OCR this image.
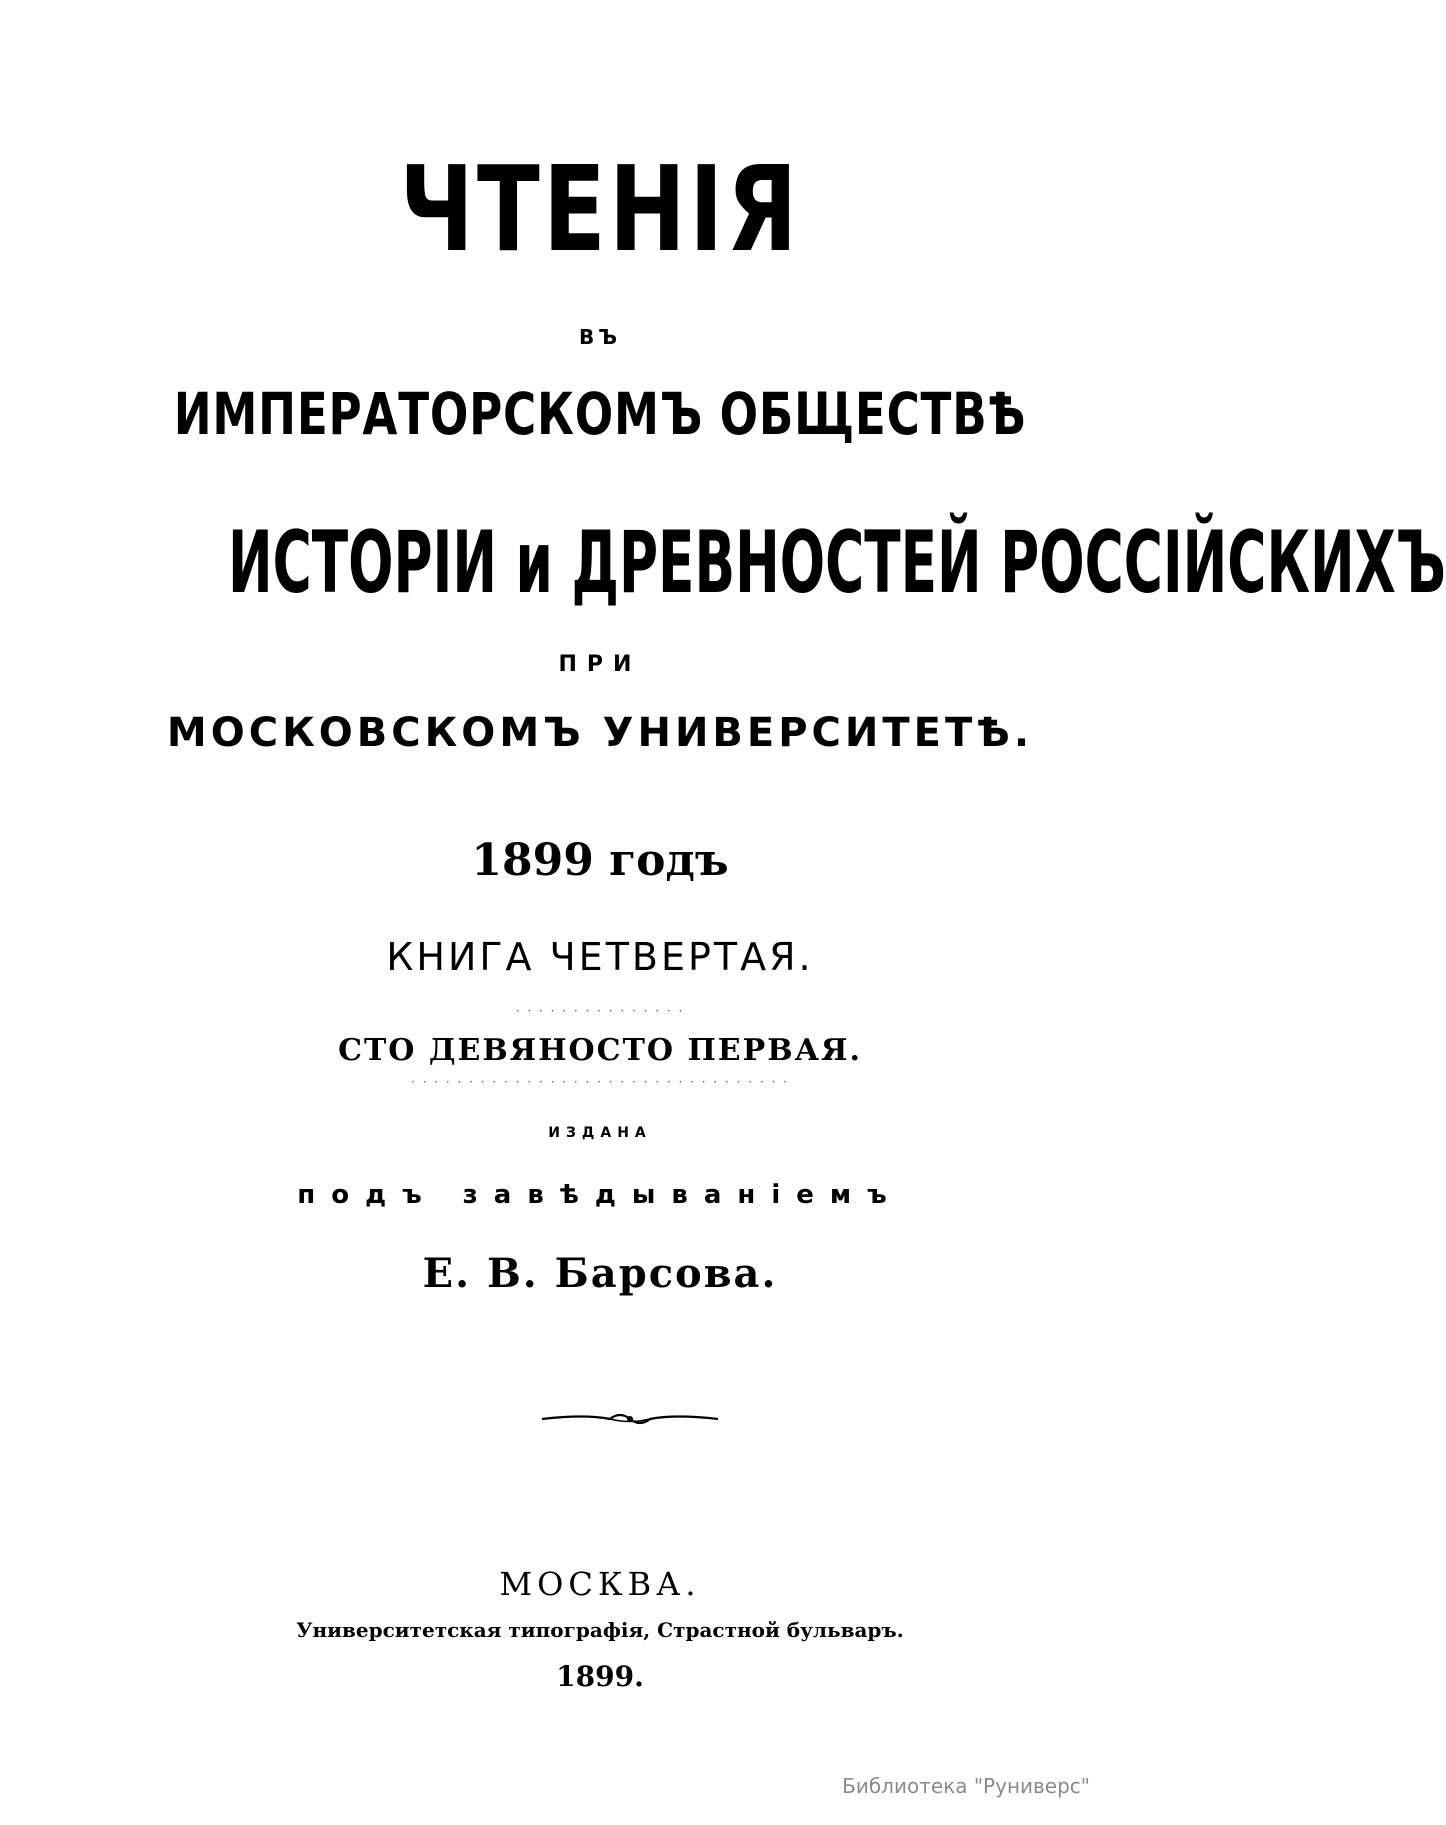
ЧТЕНІЯ
ВЪ
ИМПЕРАТОРСКОМЪ ОБЩЕСТВѢ
ИСТОРІИ и ДРЕВНОСТЕЙ РОССІЙСКИХЪ
ПРИ
МОСКОВСКОМЪ УНИВЕРСИТЕТѢ.
1899 годъ
КНИГА ЧЕТВЕРТАЯ.
· · · · · · · · · · · · · · ·
СТО ДЕВЯНОСТО ПЕРВАЯ.
· · · · · · · · · · · · · · · · · · · · · · · · · · · · · · · · ·
ИЗДАНА
подъ завѣдываніемъ
Е. В. Барсова.
МОСКВА.
Университетская типографія, Страстной бульваръ.
1899.
Библиотека "Руниверс"
